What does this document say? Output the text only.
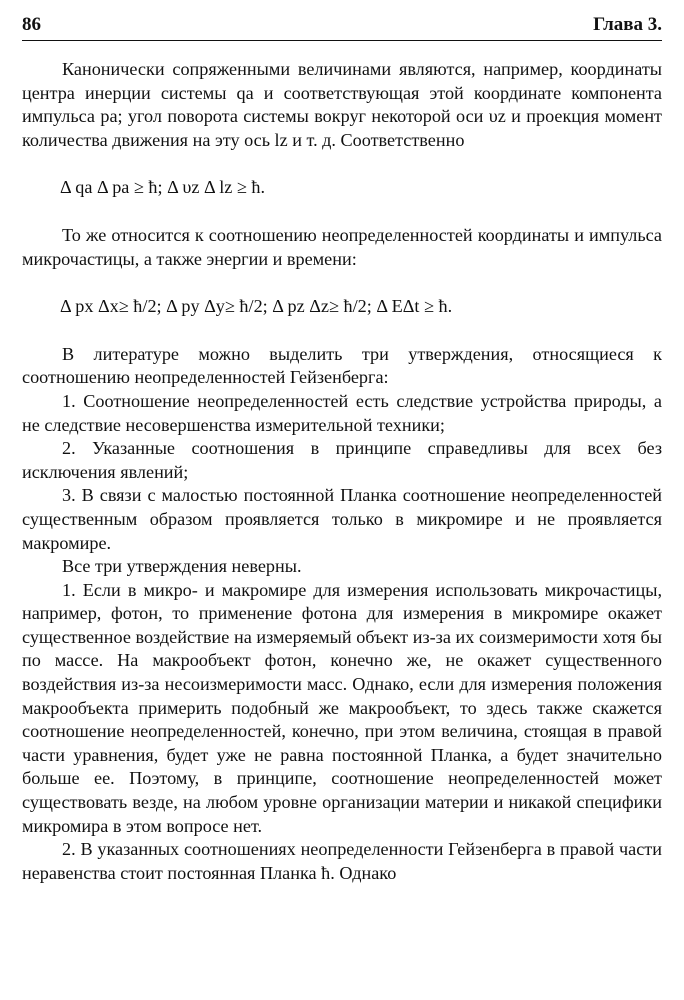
86	Глава 3.

Канонически сопряженными величинами являются, например, координаты центра инерции системы qa и соответствующая этой координате компонента импульса pa; угол поворота системы вокруг некоторой оси υz и проекция момент количества движения на эту ось lz и т. д. Соответственно

Δ qa Δ pa ≥ ħ; Δ υz Δ lz ≥ ħ.

То же относится к соотношению неопределенностей координаты и импульса микрочастицы, а также энергии и времени:

Δ px Δx≥ ħ/2; Δ py Δy≥ ħ/2; Δ pz Δz≥ ħ/2; Δ EΔt ≥ ħ.

В литературе можно выделить три утверждения, относящиеся к соотношению неопределенностей Гейзенберга:

1. Соотношение неопределенностей есть следствие устройства природы, а не следствие несовершенства измерительной техники;

2. Указанные соотношения в принципе справедливы для всех без исключения явлений;

3. В связи с малостью постоянной Планка соотношение неопределенностей существенным образом проявляется только в микромире и не проявляется макромире.

Все три утверждения неверны.

1. Если в микро- и макромире для измерения использовать микрочастицы, например, фотон, то применение фотона для измерения в микромире окажет существенное воздействие на измеряемый объект из-за их соизмеримости хотя бы по массе. На макрообъект фотон, конечно же, не окажет существенного воздействия из-за несоизмеримости масс. Однако, если для измерения положения макрообъекта примерить подобный же макрообъект, то здесь также скажется соотношение неопределенностей, конечно, при этом величина, стоящая в правой части уравнения, будет уже не равна постоянной Планка, а будет значительно больше ее. Поэтому, в принципе, соотношение неопределенностей может существовать везде, на любом уровне организации материи и никакой специфики микромира в этом вопросе нет.

2. В указанных соотношениях неопределенности Гейзенберга в правой части неравенства стоит постоянная Планка ħ. Однако
